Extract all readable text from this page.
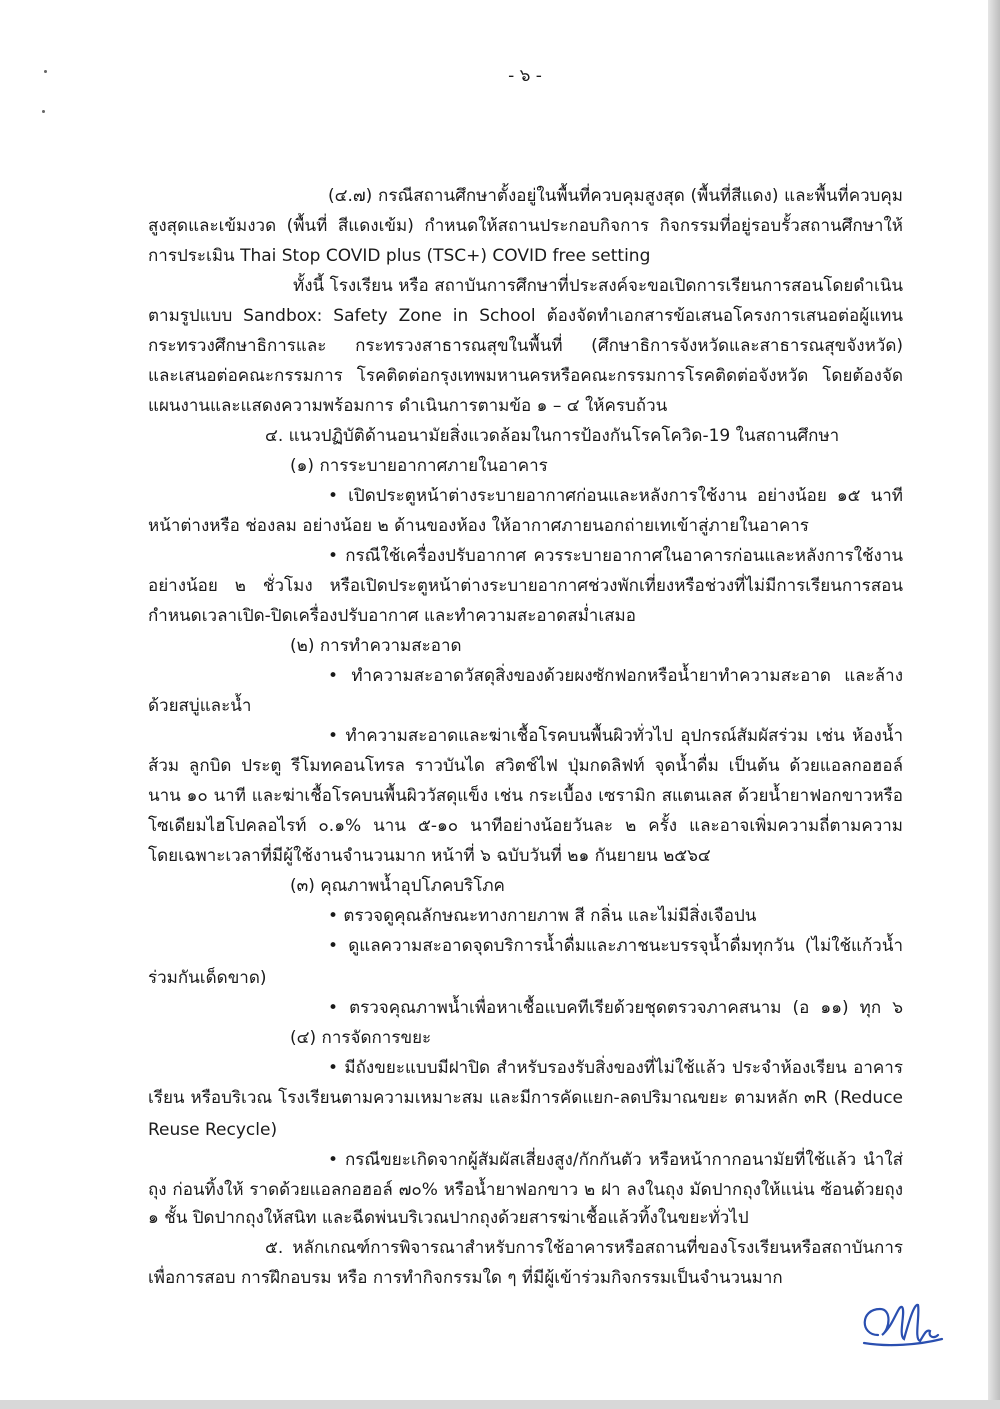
- ๖ -
(๔.๗) กรณีสถานศึกษาตั้งอยู่ในพื้นที่ควบคุมสูงสุด (พื้นที่สีแดง) และพื้นที่ควบคุม
สูงสุดและเข้มงวด (พื้นที่ สีแดงเข้ม) กำหนดให้สถานประกอบกิจการ กิจกรรมที่อยู่รอบรั้วสถานศึกษาให้
การประเมิน Thai Stop COVID plus (TSC+) COVID free setting
ทั้งนี้ โรงเรียน หรือ สถาบันการศึกษาที่ประสงค์จะขอเปิดการเรียนการสอนโดยดำเนิน
ตามรูปแบบ Sandbox: Safety Zone in School ต้องจัดทำเอกสารข้อเสนอโครงการเสนอต่อผู้แทน
กระทรวงศึกษาธิการและ กระทรวงสาธารณสุขในพื้นที่ (ศึกษาธิการจังหวัดและสาธารณสุขจังหวัด)
และเสนอต่อคณะกรรมการ โรคติดต่อกรุงเทพมหานครหรือคณะกรรมการโรคติดต่อจังหวัด โดยต้องจัด
แผนงานและแสดงความพร้อมการ ดำเนินการตามข้อ ๑ – ๔ ให้ครบถ้วน
๔. แนวปฏิบัติด้านอนามัยสิ่งแวดล้อมในการป้องกันโรคโควิด-19 ในสถานศึกษา
(๑) การระบายอากาศภายในอาคาร
• เปิดประตูหน้าต่างระบายอากาศก่อนและหลังการใช้งาน อย่างน้อย ๑๕ นาที
หน้าต่างหรือ ช่องลม อย่างน้อย ๒ ด้านของห้อง ให้อากาศภายนอกถ่ายเทเข้าสู่ภายในอาคาร
• กรณีใช้เครื่องปรับอากาศ ควรระบายอากาศในอาคารก่อนและหลังการใช้งาน
อย่างน้อย ๒ ชั่วโมง หรือเปิดประตูหน้าต่างระบายอากาศช่วงพักเที่ยงหรือช่วงที่ไม่มีการเรียนการสอน
กำหนดเวลาเปิด-ปิดเครื่องปรับอากาศ และทำความสะอาดสม่ำเสมอ
(๒) การทำความสะอาด
• ทำความสะอาดวัสดุสิ่งของด้วยผงซักฟอกหรือน้ำยาทำความสะอาด และล้าง
ด้วยสบู่และน้ำ
• ทำความสะอาดและฆ่าเชื้อโรคบนพื้นผิวทั่วไป อุปกรณ์สัมผัสร่วม เช่น ห้องน้ำ
ส้วม ลูกบิด ประตู รีโมทคอนโทรล ราวบันได สวิตช์ไฟ ปุ่มกดลิฟท์ จุดน้ำดื่ม เป็นต้น ด้วยแอลกอฮอล์
นาน ๑๐ นาที และฆ่าเชื้อโรคบนพื้นผิววัสดุแข็ง เช่น กระเบื้อง เซรามิก สแตนเลส ด้วยน้ำยาฟอกขาวหรือ
โซเดียมไฮโปคลอไรท์ ๐.๑% นาน ๕-๑๐ นาทีอย่างน้อยวันละ ๒ ครั้ง และอาจเพิ่มความถี่ตามความ
โดยเฉพาะเวลาที่มีผู้ใช้งานจำนวนมาก หน้าที่ ๖ ฉบับวันที่ ๒๑ กันยายน ๒๕๖๔
(๓) คุณภาพน้ำอุปโภคบริโภค
• ตรวจดูคุณลักษณะทางกายภาพ สี กลิ่น และไม่มีสิ่งเจือปน
• ดูแลความสะอาดจุดบริการน้ำดื่มและภาชนะบรรจุน้ำดื่มทุกวัน (ไม่ใช้แก้วน้ำ
ร่วมกันเด็ดขาด)
• ตรวจคุณภาพน้ำเพื่อหาเชื้อแบคทีเรียด้วยชุดตรวจภาคสนาม (อ ๑๑) ทุก ๖
(๔) การจัดการขยะ
• มีถังขยะแบบมีฝาปิด สำหรับรองรับสิ่งของที่ไม่ใช้แล้ว ประจำห้องเรียน อาคาร
เรียน หรือบริเวณ โรงเรียนตามความเหมาะสม และมีการคัดแยก-ลดปริมาณขยะ ตามหลัก ๓R (Reduce
Reuse Recycle)
• กรณีขยะเกิดจากผู้สัมผัสเสี่ยงสูง/กักกันตัว หรือหน้ากากอนามัยที่ใช้แล้ว นำใส่
ถุง ก่อนทิ้งให้ ราดด้วยแอลกอฮอล์ ๗๐% หรือน้ำยาฟอกขาว ๒ ฝา ลงในถุง มัดปากถุงให้แน่น ซ้อนด้วยถุง
๑ ชั้น ปิดปากถุงให้สนิท และฉีดพ่นบริเวณปากถุงด้วยสารฆ่าเชื้อแล้วทิ้งในขยะทั่วไป
๕. หลักเกณฑ์การพิจารณาสำหรับการใช้อาคารหรือสถานที่ของโรงเรียนหรือสถาบันการ
เพื่อการสอบ การฝึกอบรม หรือ การทำกิจกรรมใด ๆ ที่มีผู้เข้าร่วมกิจกรรมเป็นจำนวนมาก
